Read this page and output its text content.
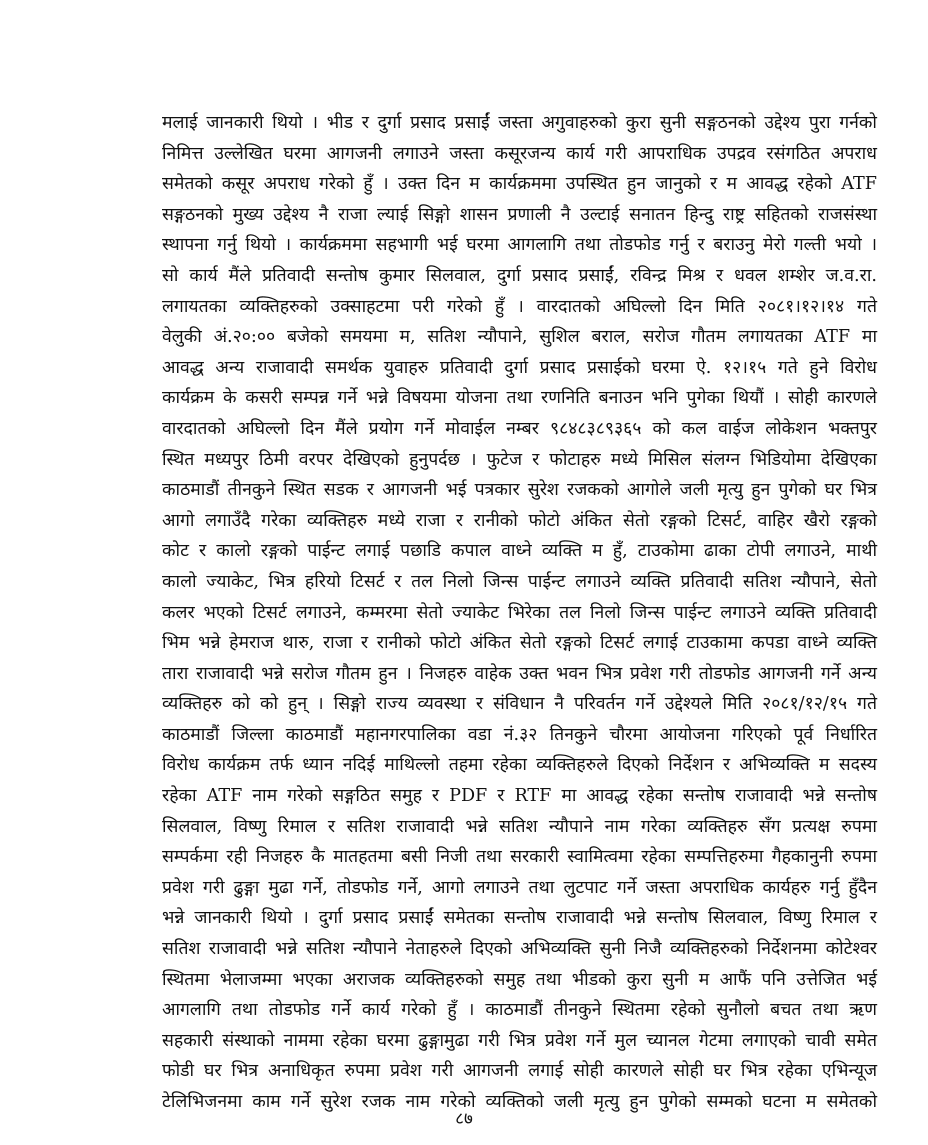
मलाई जानकारी थियो । भीड र दुर्गा प्रसाद प्रसाईं जस्ता अगुवाहरुको कुरा सुनी सङ्गठनको उद्देश्य पुरा गर्नको
निमित्त उल्लेखित घरमा आगजनी लगाउने जस्ता कसूरजन्य कार्य गरी आपराधिक उपद्रव रसंगठित अपराध
समेतको कसूर अपराध गरेको हुँ । उक्त दिन म कार्यक्रममा उपस्थित हुन जानुको र म आवद्ध रहेको ATF
सङ्गठनको मुख्य उद्देश्य नै राजा ल्याई सिङ्गो शासन प्रणाली नै उल्टाई सनातन हिन्दु राष्ट्र सहितको राजसंस्था
स्थापना गर्नु थियो । कार्यक्रममा सहभागी भई घरमा आगलागि तथा तोडफोड गर्नु र बराउनु मेरो गल्ती भयो ।
सो कार्य मैंले प्रतिवादी सन्तोष कुमार सिलवाल, दुर्गा प्रसाद प्रसाईं, रविन्द्र मिश्र र धवल शम्शेर ज.व.रा.
लगायतका व्यक्तिहरुको उक्साहटमा परी गरेको हुँ । वारदातको अघिल्लो दिन मिति २०८१।१२।१४ गते
वेलुकी अं.२०:०० बजेको समयमा म, सतिश न्यौपाने, सुशिल बराल, सरोज गौतम लगायतका ATF मा
आवद्ध अन्य राजावादी समर्थक युवाहरु प्रतिवादी दुर्गा प्रसाद प्रसाईको घरमा ऐ. १२।१५ गते हुने विरोध
कार्यक्रम के कसरी सम्पन्न गर्ने भन्ने विषयमा योजना तथा रणनिति बनाउन भनि पुगेका थियौं । सोही कारणले
वारदातको अघिल्लो दिन मैंले प्रयोग गर्ने मोवाईल नम्बर ९८४८३८९३६५ को कल वाईज लोकेशन भक्तपुर
स्थित मध्यपुर ठिमी वरपर देखिएको हुनुपर्दछ । फुटेज र फोटाहरु मध्ये मिसिल संलग्न भिडियोमा देखिएका
काठमाडौं तीनकुने स्थित सडक र आगजनी भई पत्रकार सुरेश रजकको आगोले जली मृत्यु हुन पुगेको घर भित्र
आगो लगाउँदै गरेका व्यक्तिहरु मध्ये राजा र रानीको फोटो अंकित सेतो रङ्गको टिसर्ट, वाहिर खैरो रङ्गको
कोट र कालो रङ्गको पाईन्ट लगाई पछाडि कपाल वाध्ने व्यक्ति म हुँ, टाउकोमा ढाका टोपी लगाउने, माथी
कालो ज्याकेट, भित्र हरियो टिसर्ट र तल निलो जिन्स पाईन्ट लगाउने व्यक्ति प्रतिवादी सतिश न्यौपाने, सेतो
कलर भएको टिसर्ट लगाउने, कम्मरमा सेतो ज्याकेट भिरेका तल निलो जिन्स पाईन्ट लगाउने व्यक्ति प्रतिवादी
भिम भन्ने हेमराज थारु, राजा र रानीको फोटो अंकित सेतो रङ्गको टिसर्ट लगाई टाउकामा कपडा वाध्ने व्यक्ति
तारा राजावादी भन्ने सरोज गौतम हुन । निजहरु वाहेक उक्त भवन भित्र प्रवेश गरी तोडफोड आगजनी गर्ने अन्य
व्यक्तिहरु को को हुन् । सिङ्गो राज्य व्यवस्था र संविधान नै परिवर्तन गर्ने उद्देश्यले मिति २०८१/१२/१५ गते
काठमाडौं जिल्ला काठमाडौं महानगरपालिका वडा नं.३२ तिनकुने चौरमा आयोजना गरिएको पूर्व निर्धारित
विरोध कार्यक्रम तर्फ ध्यान नदिई माथिल्लो तहमा रहेका व्यक्तिहरुले दिएको निर्देशन र अभिव्यक्ति म सदस्य
रहेका ATF नाम गरेको सङ्गठित समुह र PDF र RTF मा आवद्ध रहेका सन्तोष राजावादी भन्ने सन्तोष
सिलवाल, विष्णु रिमाल र सतिश राजावादी भन्ने सतिश न्यौपाने नाम गरेका व्यक्तिहरु सँग प्रत्यक्ष रुपमा
सम्पर्कमा रही निजहरु कै मातहतमा बसी निजी तथा सरकारी स्वामित्वमा रहेका सम्पत्तिहरुमा गैहकानुनी रुपमा
प्रवेश गरी ढुङ्गा मुढा गर्ने, तोडफोड गर्ने, आगो लगाउने तथा लुटपाट गर्ने जस्ता अपराधिक कार्यहरु गर्नु हुँदैन
भन्ने जानकारी थियो । दुर्गा प्रसाद प्रसाईं समेतका सन्तोष राजावादी भन्ने सन्तोष सिलवाल, विष्णु रिमाल र
सतिश राजावादी भन्ने सतिश न्यौपाने नेताहरुले दिएको अभिव्यक्ति सुनी निजै व्यक्तिहरुको निर्देशनमा कोटेश्वर
स्थितमा भेलाजम्मा भएका अराजक व्यक्तिहरुको समुह तथा भीडको कुरा सुनी म आफैं पनि उत्तेजित भई
आगलागि तथा तोडफोड गर्ने कार्य गरेको हुँ । काठमाडौं तीनकुने स्थितमा रहेको सुनौलो बचत तथा ऋण
सहकारी संस्थाको नाममा रहेका घरमा ढुङ्गामुढा गरी भित्र प्रवेश गर्ने मुल च्यानल गेटमा लगाएको चावी समेत
फोडी घर भित्र अनाधिकृत रुपमा प्रवेश गरी आगजनी लगाई सोही कारणले सोही घर भित्र रहेका एभिन्यूज
टेलिभिजनमा काम गर्ने सुरेश रजक नाम गरेको व्यक्तिको जली मृत्यु हुन पुगेको सम्मको घटना म समेतको
८७
